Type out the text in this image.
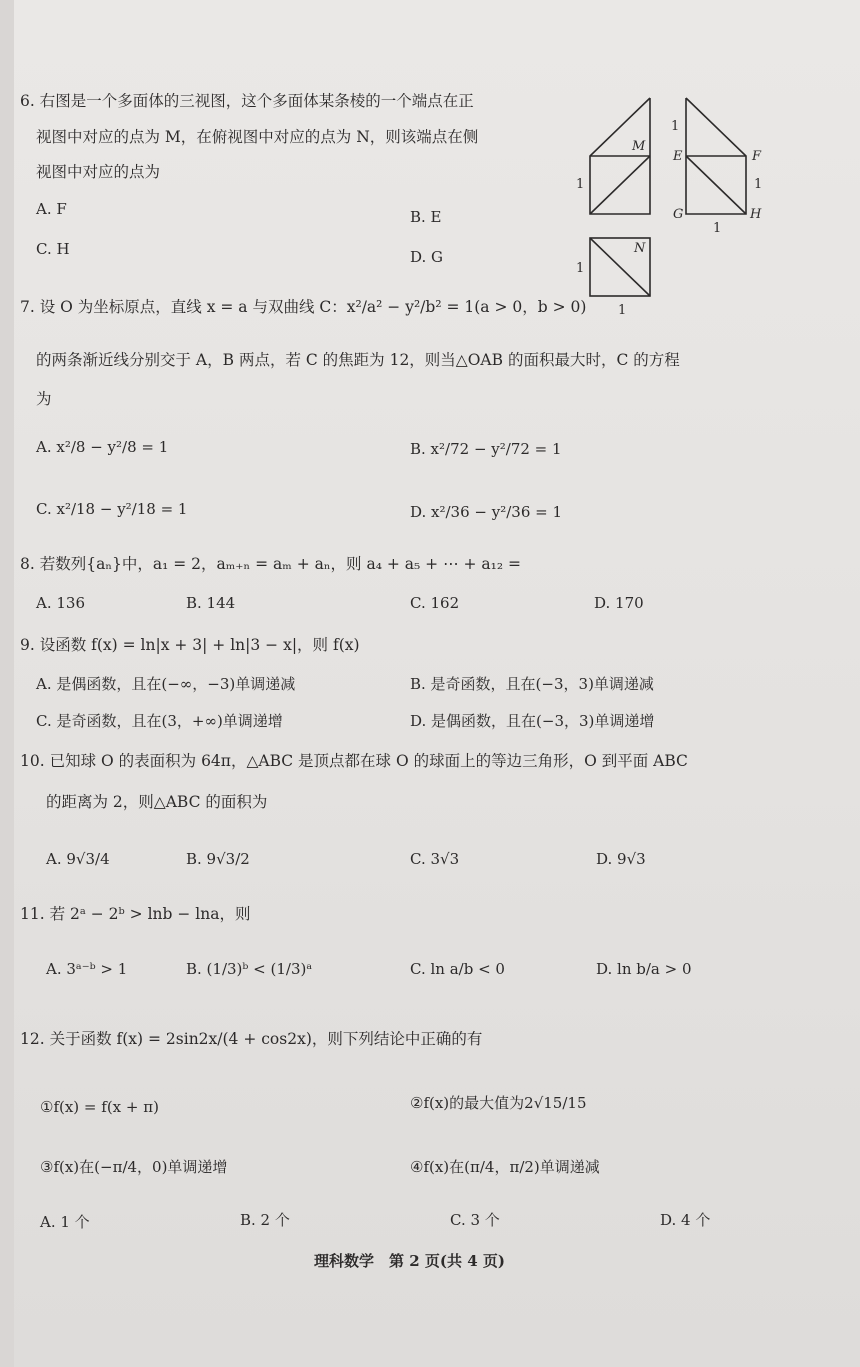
6. 右图是一个多面体的三视图，这个多面体某条棱的一个端点在正
视图中对应的点为 M，在俯视图中对应的点为 N，则该端点在侧
视图中对应的点为
A. F	B. E
C. H	D. G
M
1
1
E	F
1
G	H
1
N
1
1
7. 设 O 为坐标原点，直线 x = a 与双曲线 C：x²/a² − y²/b² = 1(a > 0，b > 0)
的两条渐近线分别交于 A，B 两点，若 C 的焦距为 12，则当△OAB 的面积最大时，C 的方程
为
A. x²/8 − y²/8 = 1	B. x²/72 − y²/72 = 1
C. x²/18 − y²/18 = 1	D. x²/36 − y²/36 = 1
8. 若数列{aₙ}中，a₁ = 2，aₘ₊ₙ = aₘ + aₙ，则 a₄ + a₅ + ⋯ + a₁₂ =
A. 136	B. 144	C. 162	D. 170
9. 设函数 f(x) = ln|x + 3| + ln|3 − x|，则 f(x)
A. 是偶函数，且在(−∞，−3)单调递减	B. 是奇函数，且在(−3，3)单调递减
C. 是奇函数，且在(3，+∞)单调递增	D. 是偶函数，且在(−3，3)单调递增
10. 已知球 O 的表面积为 64π，△ABC 是顶点都在球 O 的球面上的等边三角形，O 到平面 ABC
的距离为 2，则△ABC 的面积为
A. 9√3/4	B. 9√3/2	C. 3√3	D. 9√3
11. 若 2ᵃ − 2ᵇ > lnb − lna，则
A. 3ᵃ⁻ᵇ > 1	B. (1/3)ᵇ < (1/3)ᵃ	C. ln a/b < 0	D. ln b/a > 0
12. 关于函数 f(x) = 2sin2x/(4 + cos2x)，则下列结论中正确的有
①f(x) = f(x + π)	②f(x)的最大值为2√15/15
③f(x)在(−π/4，0)单调递增	④f(x)在(π/4，π/2)单调递减
A. 1 个	B. 2 个	C. 3 个	D. 4 个
理科数学　第 2 页(共 4 页)
